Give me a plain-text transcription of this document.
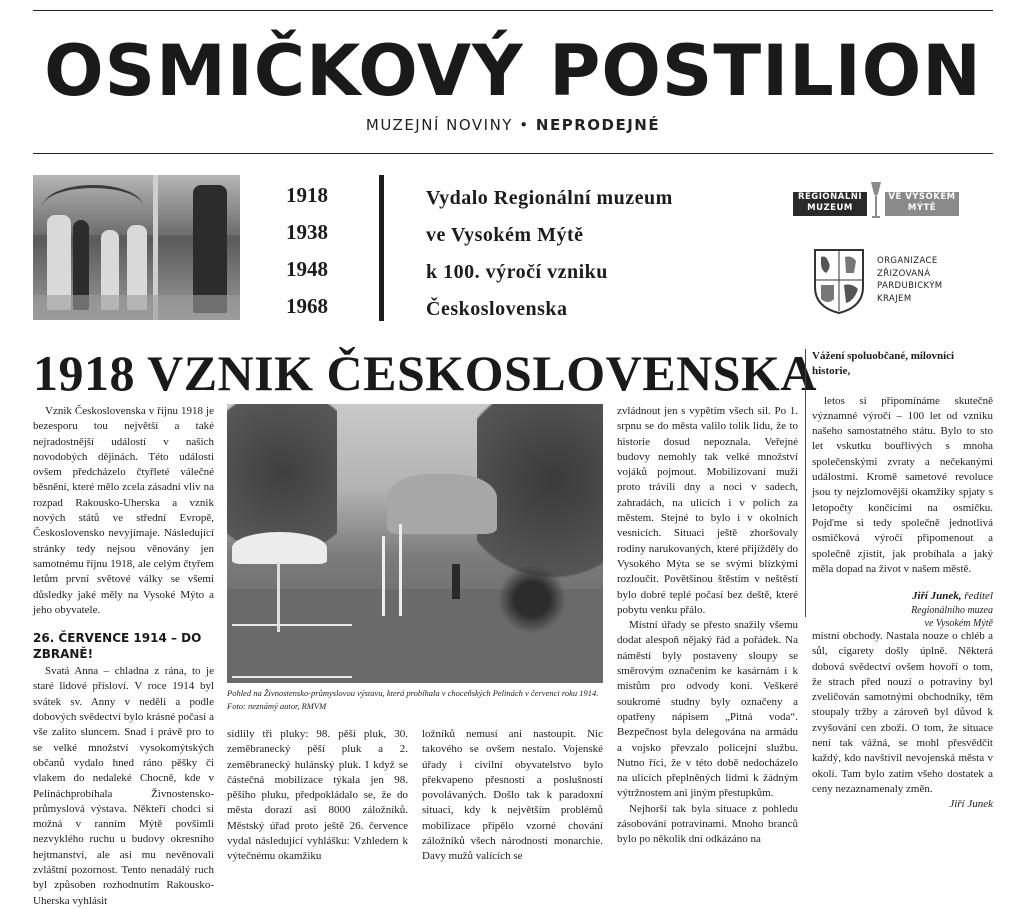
OSMIČKOVÝ POSTILION
MUZEJNÍ NOVINY • NEPRODEJNÉ
1918
1938
1948
1968
Vydalo Regionální muzeum
ve Vysokém Mýtě
k 100. výročí vzniku
Československa
REGIONÁLNÍ
MUZEUM
VE VYSOKÉM
MÝTĚ
ORGANIZACE
ZŘIZOVANÁ
PARDUBICKÝM
KRAJEM
1918 VZNIK ČESKOSLOVENSKA

Vznik Československa v říjnu 1918 je bezesporu tou největší a také nejradostnější událostí v našich novodobých dějinách. Této události ovšem předcházelo čtyřleté válečné běsnění, které mělo zcela zásadní vliv na rozpad Rakousko-Uherska a vznik nových států ve střední Evropě, Československo nevyjímaje. Následující stránky tedy nejsou věnovány jen samotnému říjnu 1918, ale celým čtyřem letům první světové války se všemi důsledky jaké měly na Vysoké Mýto a jeho obyvatele.

26. ČERVENCE 1914 – DO ZBRANĚ!

Svatá Anna – chladna z rána, to je staré lidové přísloví. V roce 1914 byl svátek sv. Anny v neděli a podle dobových svědectví bylo krásné počasí a vše zalito sluncem. Snad i právě pro to se velké množství vysokomýtských občanů vydalo hned ráno pěšky či vlakem do nedaleké Chocně, kde v Pelináchprobíhala Živnostensko-průmyslová výstava. Někteří chodci si možná v ranním Mýtě povšimli nezvyklého ruchu u budovy okresního hejtmanství, ale asi mu nevěnovali zvláštní pozornost. Tento nenadálý ruch byl způsoben rozhodnutím Rakousko-Uherska vyhlásit

Pohled na Živnostensko-průmyslovou výstavu, která probíhala v choceňských Pelinách v červenci roku 1914.
Foto: neznámý autor, RMVM

sídlily tři pluky: 98. pěší pluk, 30. zeměbranecký pěší pluk a 2. zeměbranecký hulánský pluk. I když se částečná mobilizace týkala jen 98. pěšího pluku, předpokládalo se, že do města dorazí asi 8000 záložníků. Městský úřad proto ještě 26. července vydal následující vyhlášku: Vzhledem k výtečnému okamžiku

ložníků nemusí ani nastoupit. Nic takového se ovšem nestalo. Vojenské úřady i civilní obyvatelstvo bylo překvapeno přesností a poslušností povolávaných. Došlo tak k paradoxní situaci, kdy k největším problémů mobilizace připělo vzorné chování záložníků všech národností monarchie. Davy mužů valících se

zvládnout jen s vypětím všech sil. Po 1. srpnu se do města valilo tolik lidu, že to historie dosud nepoznala. Veřejné budovy nemohly tak velké množství vojáků pojmout. Mobilizovaní muži proto trávili dny a noci v sadech, zahradách, na ulicích i v polích za městem. Stejné to bylo i v okolních vesnicích. Situaci ještě zhoršovaly rodiny narukovaných, které přijížděly do Vysokého Mýta se se svými blízkými rozloučit. Povětšinou štěstím v neštěstí bylo dobré teplé počasí bez deště, které pobytu venku přálo.

Místní úřady se přesto snažily všemu dodat alespoň nějaký řád a pořádek. Na náměstí byly postaveny sloupy se směrovým označením ke kasárnám i k místům pro odvody koní. Veškeré soukromé studny byly označeny a opatřeny nápisem „Pitná voda“. Bezpečnost byla delegována na armádu a vojsko převzalo policejní službu. Nutno říci, že v této době nedocházelo na ulicích přeplněných lidmi k žádným výtržnostem ani jiným přestupkům.

Nejhorší tak byla situace z pohledu zásobování potravinami. Mnoho branců bylo po několik dní odkázáno na

Vážení spoluobčané, milovníci historie,

letos si připomínáme skutečně významné výročí – 100 let od vzniku našeho samostatného státu. Bylo to sto let vskutku bouřlivých s mnoha společenskými zvraty a nečekanými událostmi. Kromě sametové revoluce jsou ty nejzlomovější okamžiky spjaty s letopočty končícími na osmičku. Pojďme si tedy společně jednotlivá osmičková výročí připomenout a společně zjistit, jak probíhala a jaký měla dopad na život v našem městě.

Jiří Junek, ředitel
Regionálního muzea
ve Vysokém Mýtě

místní obchody. Nastala nouze o chléb a sůl, cigarety došly úplně. Některá dobová svědectví ovšem hovoří o tom, že strach před nouzí o potraviny byl zveličován samotnými obchodníky, těm stoupaly tržby a zároveň byl důvod k zvyšování cen zboží. O tom, že situace není tak vážná, se mohl přesvědčit každý, kdo navštívil nevojenská města v okolí. Tam bylo zatím všeho dostatek a ceny nezaznamenaly změn.

Jiří Junek
